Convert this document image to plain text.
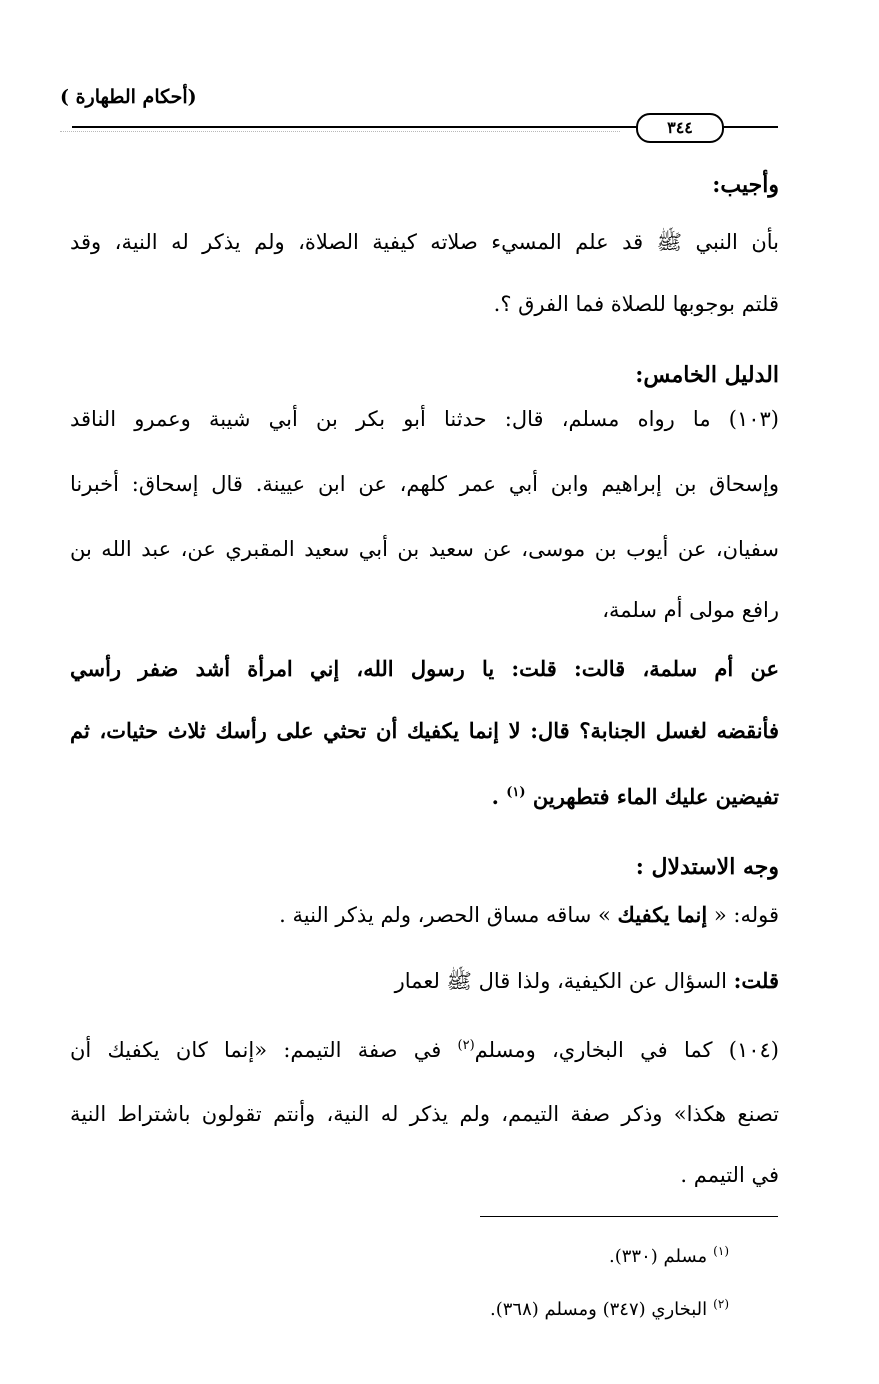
(أحكام الطهارة )
٣٤٤
وأجيب:
بأن النبي ﷺ قد علم المسيء صلاته كيفية الصلاة، ولم يذكر له النية، وقد
قلتم بوجوبها للصلاة فما الفرق ؟.
الدليل الخامس:
(١٠٣) ما رواه مسلم، قال: حدثنا أبو بكر بن أبي شيبة وعمرو الناقد
وإسحاق بن إبراهيم وابن أبي عمر كلهم، عن ابن عيينة. قال إسحاق: أخبرنا
سفيان، عن أيوب بن موسى، عن سعيد بن أبي سعيد المقبري عن، عبد الله بن
رافع مولى أم سلمة،
عن أم سلمة، قالت: قلت: يا رسول الله، إني امرأة أشد ضفر رأسي
فأنقضه لغسل الجنابة؟ قال: لا إنما يكفيك أن تحثي على رأسك ثلاث حثيات، ثم
تفيضين عليك الماء فتطهرين $^{(١)}$ .
وجه الاستدلال :
قوله: « إنما يكفيك » ساقه مساق الحصر، ولم يذكر النية .
قلت: السؤال عن الكيفية، ولذا قال ﷺ لعمار
(١٠٤) كما في البخاري، ومسلم$^{(٢)}$ في صفة التيمم: «إنما كان يكفيك أن
تصنع هكذا» وذكر صفة التيمم، ولم يذكر له النية، وأنتم تقولون باشتراط النية
في التيمم .
$^{(١)}$مسلم (٣٣٠).
$^{(٢)}$البخاري (٣٤٧) ومسلم (٣٦٨).
